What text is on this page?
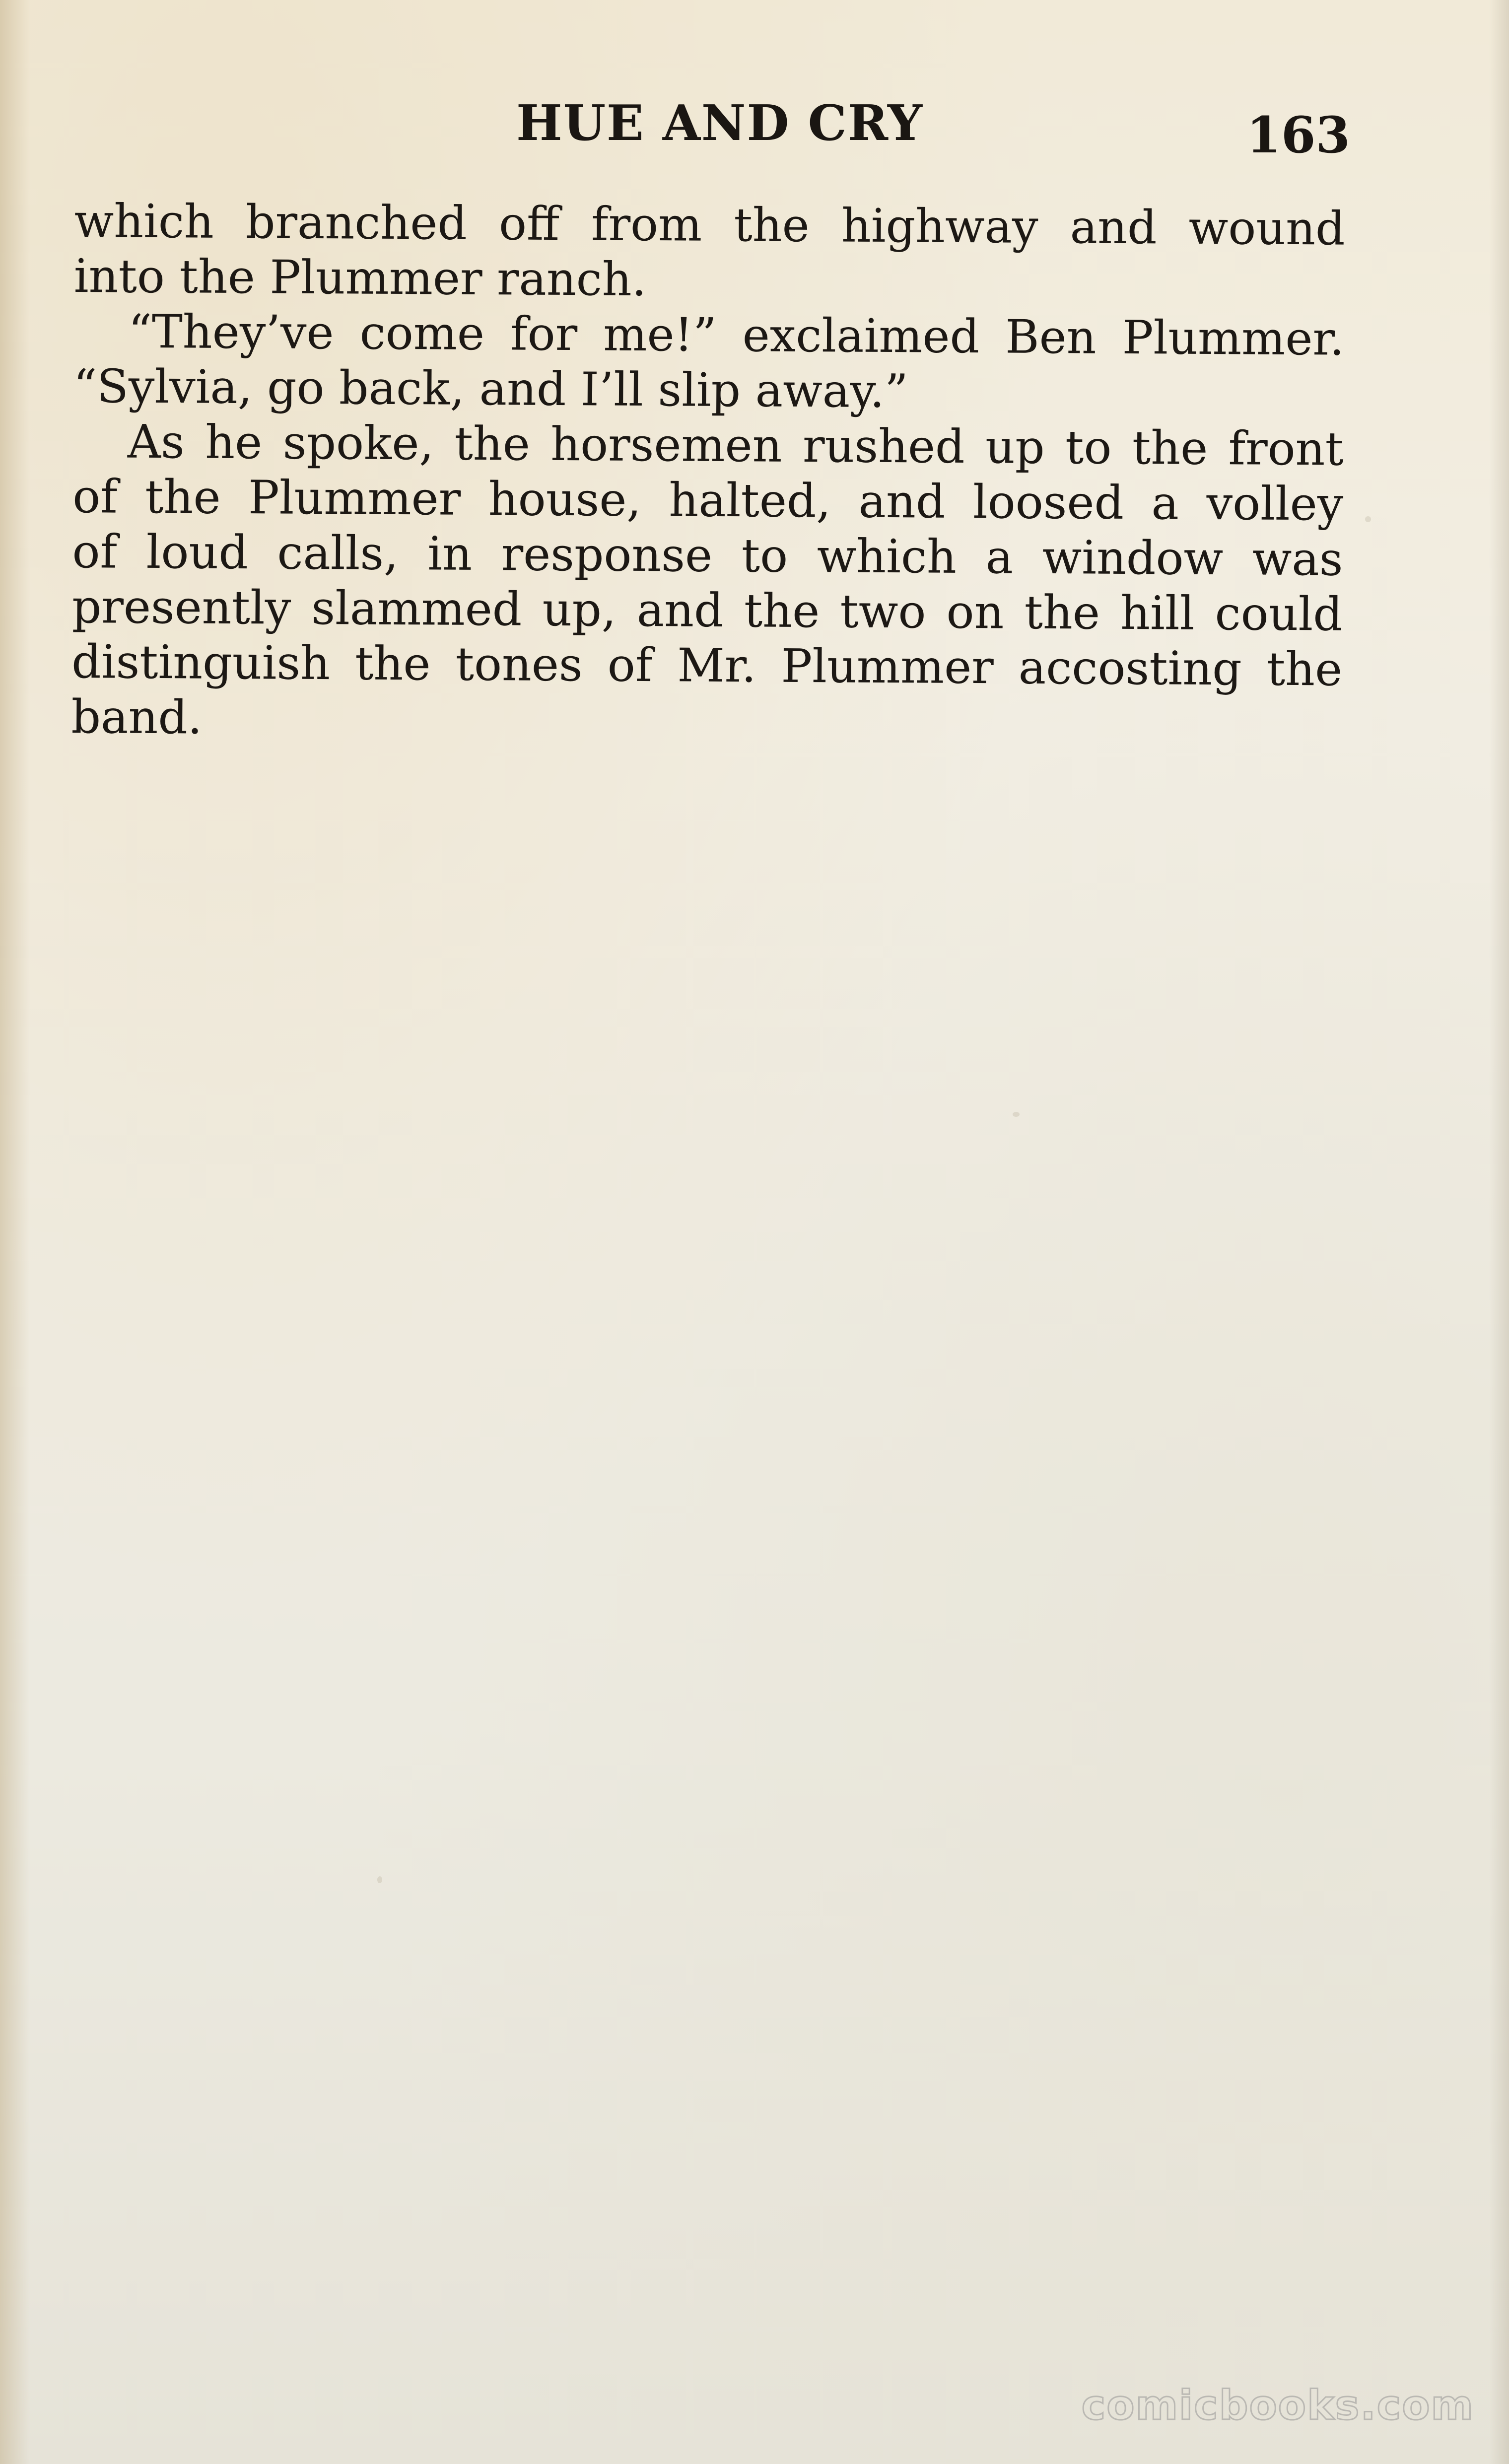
HUE AND CRY	163

which branched off from the highway and wound
into the Plummer ranch.

“They’ve come for me!” exclaimed Ben Plummer.
“Sylvia, go back, and I’ll slip away.”

As he spoke, the horsemen rushed up to the front
of the Plummer house, halted, and loosed a volley
of loud calls, in response to which a window was
presently slammed up, and the two on the hill could
distinguish the tones of Mr. Plummer accosting the
band.

comicbooks.com
